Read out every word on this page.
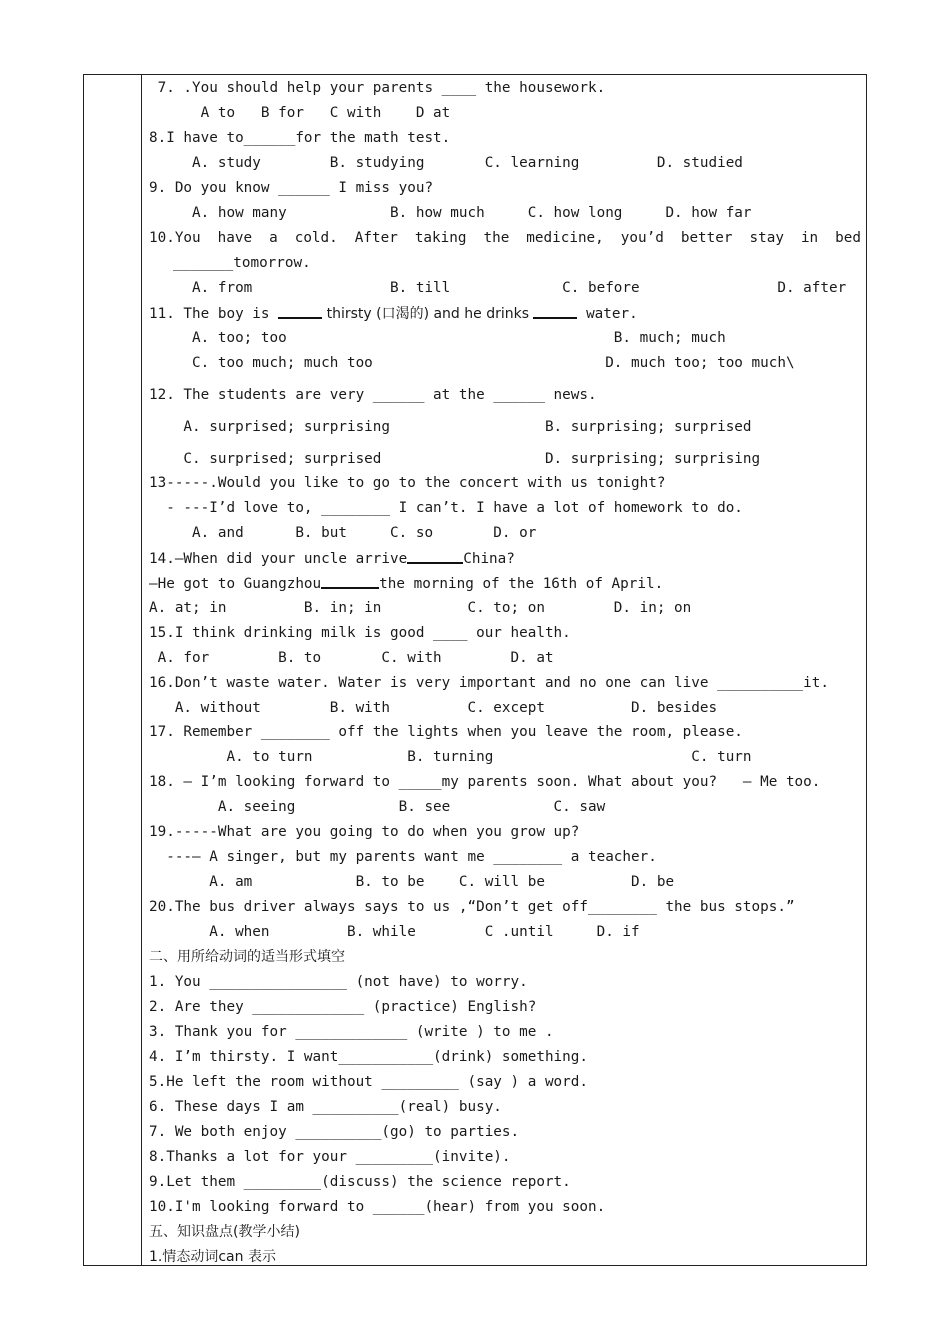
7. .You should help your parents ____ the housework.
A to   B for   C with    D at
8.I have to______for the math test.
A. study        B. studying       C. learning         D. studied
9. Do you know ______ I miss you?
A. how many            B. how much     C. how long     D. how far
10.You have a cold. After taking the medicine, you’d better stay in bed
_______tomorrow.
A. from                B. till             C. before                D. after
11. The boy is	thirsty (口渴的) and he drinks	water.
A. too; too                                      B. much; much
C. too much; much too                           D. much too; too much\
12. The students are very ______ at the ______ news.
A. surprised; surprising                  B. surprising; surprised
C. surprised; surprised                   D. surprising; surprising
13-----.Would you like to go to the concert with us tonight?
- ---I’d love to, ________ I can’t. I have a lot of homework to do.
A. and      B. but     C. so       D. or
14.—When did your uncle arrive	China?
—He got to Guangzhou	the morning of the 16th of April.
A. at; in         B. in; in          C. to; on        D. in; on
15.I think drinking milk is good ____ our health.
A. for        B. to       C. with        D. at
16.Don’t waste water. Water is very important and no one can live __________it.
A. without        B. with         C. except          D. besides
17. Remember ________ off the lights when you leave the room, please.
A. to turn           B. turning                       C. turn
18. — I’m looking forward to _____my parents soon. What about you?   — Me too.
A. seeing            B. see            C. saw
19.-----What are you going to do when you grow up?
---— A singer, but my parents want me ________ a teacher.
A. am            B. to be    C. will be          D. be
20.The bus driver always says to us ,“Don’t get off________ the bus stops.”
A. when         B. while        C .until     D. if
二、用所给动词的适当形式填空
1. You ________________ (not have) to worry.
2. Are they _____________ (practice) English?
3. Thank you for _____________ (write ) to me .
4. I’m thirsty. I want___________(drink) something.
5.He left the room without _________ (say ) a word.
6. These days I am __________(real) busy.
7. We both enjoy __________(go) to parties.
8.Thanks a lot for your _________(invite).
9.Let them _________(discuss) the science report.
10.I'm looking forward to ______(hear) from you soon.
五、知识盘点(教学小结)
1.情态动词can 表示
